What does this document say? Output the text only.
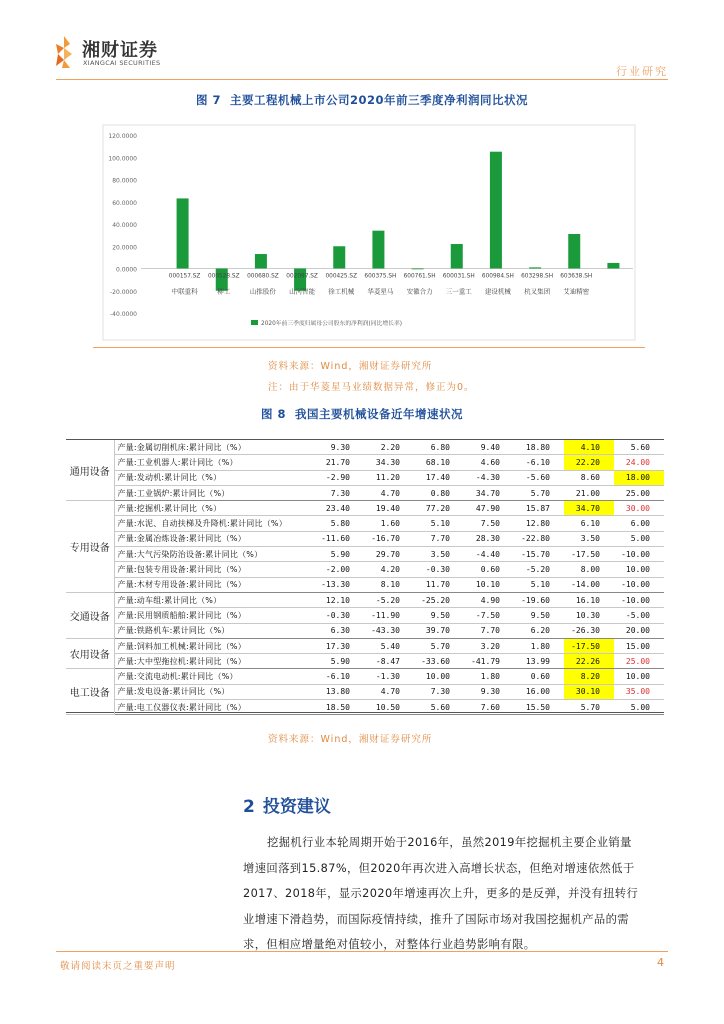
湘财证券
XIANGCAI SECURITIES
行业研究
图 7 主要工程机械上市公司2020年前三季度净利润同比状况
120.0000
100.0000
80.0000
60.0000
40.0000
20.0000
0.0000
-20.0000
-40.0000
000157.SZ
中联重科
000528.SZ
柳工
000680.SZ
山推股份
002097.SZ
山河智能
000425.SZ
徐工机械
600375.SH
华菱星马
600761.SH
安徽合力
600031.SH
三一重工
600984.SH
建设机械
603298.SH
杭叉集团
603638.SH
艾迪精密
2020年前三季度归属母公司股东的净利润(同比增长率)
资料来源：Wind，湘财证券研究所
注：由于华菱星马业绩数据异常，修正为0。
图 8 我国主要机械设备近年增速状况
通用设备	产量:金属切削机床:累计同比（%）	9.30	2.20	6.80	9.40	18.80	4.10	5.60
	产量:工业机器人:累计同比（%）	21.70	34.30	68.10	4.60	-6.10	22.20	24.00
	产量:发动机:累计同比（%）	-2.90	11.20	17.40	-4.30	-5.60	8.60	18.00
	产量:工业锅炉:累计同比（%）	7.30	4.70	0.80	34.70	5.70	21.00	25.00
专用设备	产量:挖掘机:累计同比（%）	23.40	19.40	77.20	47.90	15.87	34.70	30.00
	产量:水泥、自动扶梯及升降机:累计同比（%）	5.80	1.60	5.10	7.50	12.80	6.10	6.00
	产量:金属冶炼设备:累计同比（%）	-11.60	-16.70	7.70	28.30	-22.80	3.50	5.00
	产量:大气污染防治设备:累计同比（%）	5.90	29.70	3.50	-4.40	-15.70	-17.50	-10.00
	产量:包装专用设备:累计同比（%）	-2.00	4.20	-0.30	0.60	-5.20	8.00	10.00
	产量:木材专用设备:累计同比（%）	-13.30	8.10	11.70	10.10	5.10	-14.00	-10.00
交通设备	产量:动车组:累计同比（%）	12.10	-5.20	-25.20	4.90	-19.60	16.10	-10.00
	产量:民用钢质船舶:累计同比（%）	-0.30	-11.90	9.50	-7.50	9.50	10.30	-5.00
	产量:铁路机车:累计同比（%）	6.30	-43.30	39.70	7.70	6.20	-26.30	20.00
农用设备	产量:饲料加工机械:累计同比（%）	17.30	5.40	5.70	3.20	1.80	-17.50	15.00
	产量:大中型拖拉机:累计同比（%）	5.90	-8.47	-33.60	-41.79	13.99	22.26	25.00
电工设备	产量:交流电动机:累计同比（%）	-6.10	-1.30	10.00	1.80	0.60	8.20	10.00
	产量:发电设备:累计同比（%）	13.80	4.70	7.30	9.30	16.00	30.10	35.00
	产量:电工仪器仪表:累计同比（%）	18.50	10.50	5.60	7.60	15.50	5.70	5.00
资料来源：Wind，湘财证券研究所
2 投资建议
挖掘机行业本轮周期开始于2016年，虽然2019年挖掘机主要企业销量
增速回落到15.87%，但2020年再次进入高增长状态，但绝对增速依然低于
2017、2018年，显示2020年增速再次上升，更多的是反弹，并没有扭转行
业增速下滑趋势，而国际疫情持续，推升了国际市场对我国挖掘机产品的需
求，但相应增量绝对值较小，对整体行业趋势影响有限。
敬请阅读末页之重要声明	4
